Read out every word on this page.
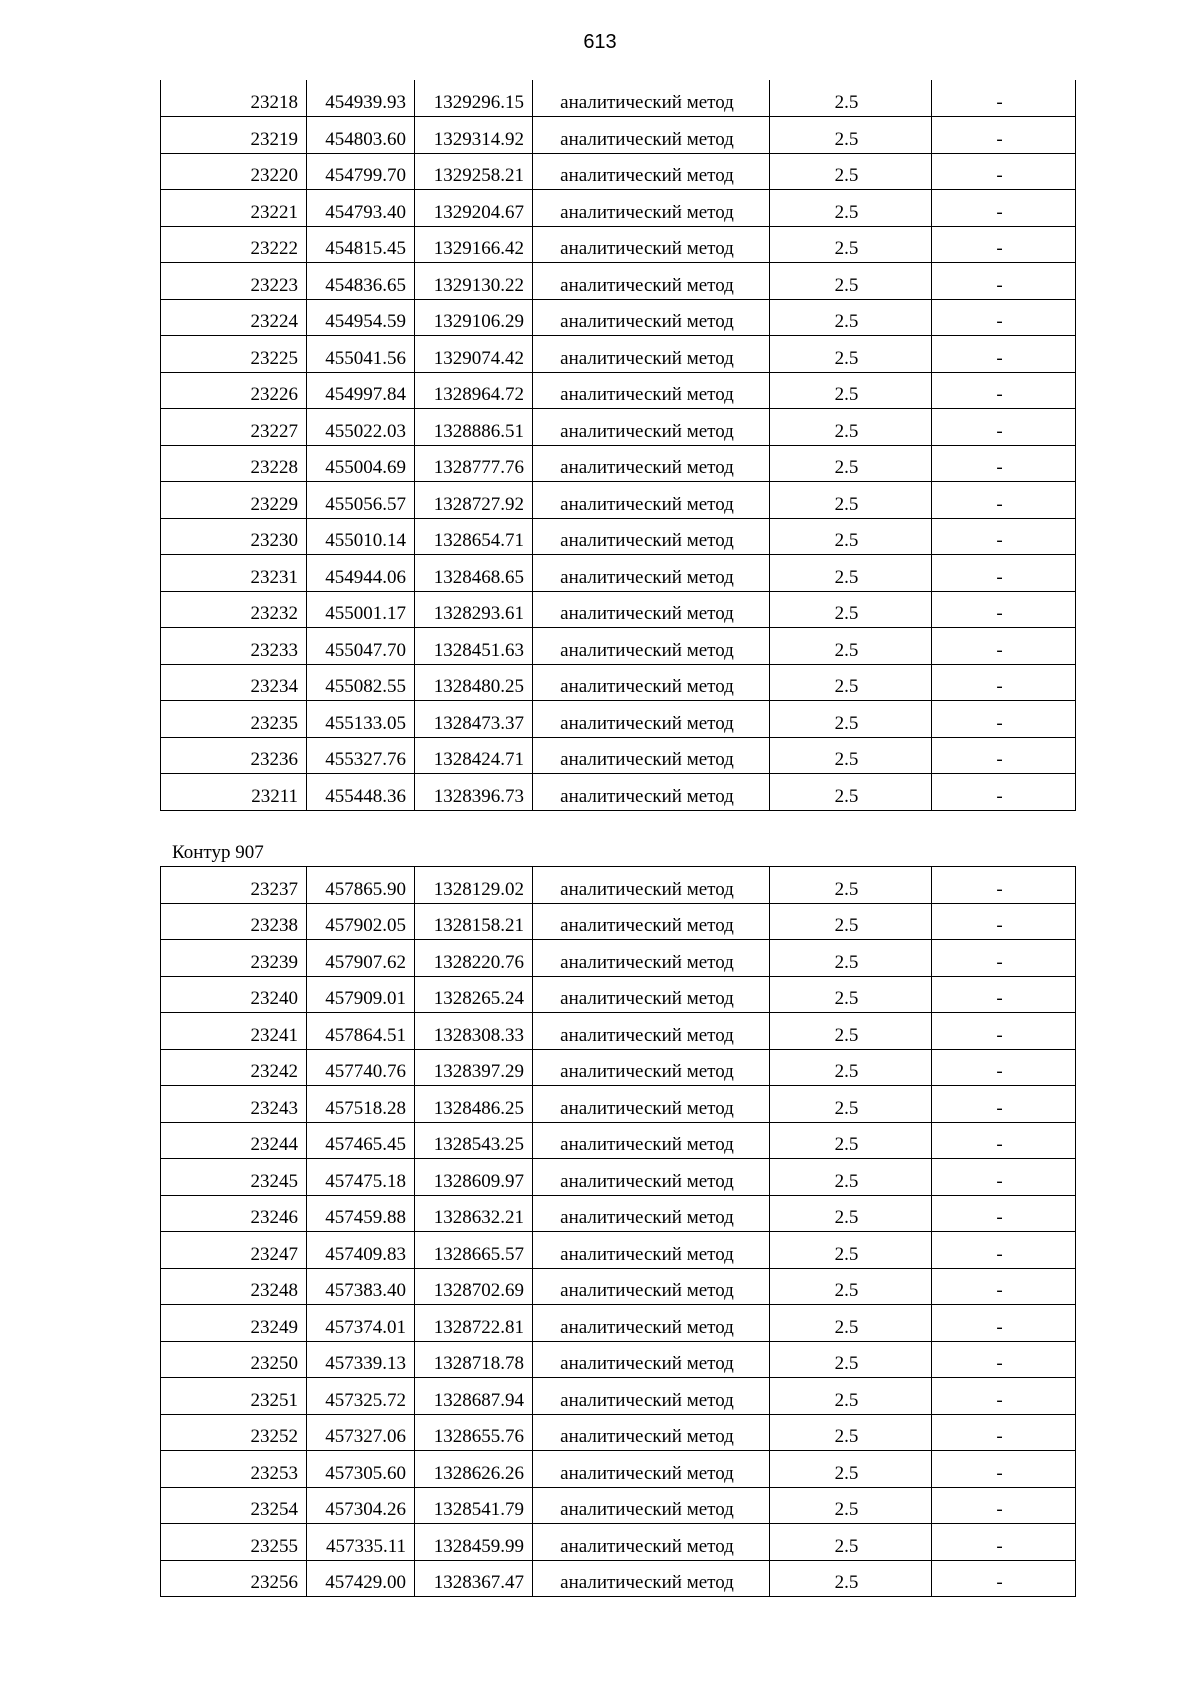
613
23218	454939.93	1329296.15	аналитический метод	2.5	-
23219	454803.60	1329314.92	аналитический метод	2.5	-
23220	454799.70	1329258.21	аналитический метод	2.5	-
23221	454793.40	1329204.67	аналитический метод	2.5	-
23222	454815.45	1329166.42	аналитический метод	2.5	-
23223	454836.65	1329130.22	аналитический метод	2.5	-
23224	454954.59	1329106.29	аналитический метод	2.5	-
23225	455041.56	1329074.42	аналитический метод	2.5	-
23226	454997.84	1328964.72	аналитический метод	2.5	-
23227	455022.03	1328886.51	аналитический метод	2.5	-
23228	455004.69	1328777.76	аналитический метод	2.5	-
23229	455056.57	1328727.92	аналитический метод	2.5	-
23230	455010.14	1328654.71	аналитический метод	2.5	-
23231	454944.06	1328468.65	аналитический метод	2.5	-
23232	455001.17	1328293.61	аналитический метод	2.5	-
23233	455047.70	1328451.63	аналитический метод	2.5	-
23234	455082.55	1328480.25	аналитический метод	2.5	-
23235	455133.05	1328473.37	аналитический метод	2.5	-
23236	455327.76	1328424.71	аналитический метод	2.5	-
23211	455448.36	1328396.73	аналитический метод	2.5	-
Контур 907
23237	457865.90	1328129.02	аналитический метод	2.5	-
23238	457902.05	1328158.21	аналитический метод	2.5	-
23239	457907.62	1328220.76	аналитический метод	2.5	-
23240	457909.01	1328265.24	аналитический метод	2.5	-
23241	457864.51	1328308.33	аналитический метод	2.5	-
23242	457740.76	1328397.29	аналитический метод	2.5	-
23243	457518.28	1328486.25	аналитический метод	2.5	-
23244	457465.45	1328543.25	аналитический метод	2.5	-
23245	457475.18	1328609.97	аналитический метод	2.5	-
23246	457459.88	1328632.21	аналитический метод	2.5	-
23247	457409.83	1328665.57	аналитический метод	2.5	-
23248	457383.40	1328702.69	аналитический метод	2.5	-
23249	457374.01	1328722.81	аналитический метод	2.5	-
23250	457339.13	1328718.78	аналитический метод	2.5	-
23251	457325.72	1328687.94	аналитический метод	2.5	-
23252	457327.06	1328655.76	аналитический метод	2.5	-
23253	457305.60	1328626.26	аналитический метод	2.5	-
23254	457304.26	1328541.79	аналитический метод	2.5	-
23255	457335.11	1328459.99	аналитический метод	2.5	-
23256	457429.00	1328367.47	аналитический метод	2.5	-
